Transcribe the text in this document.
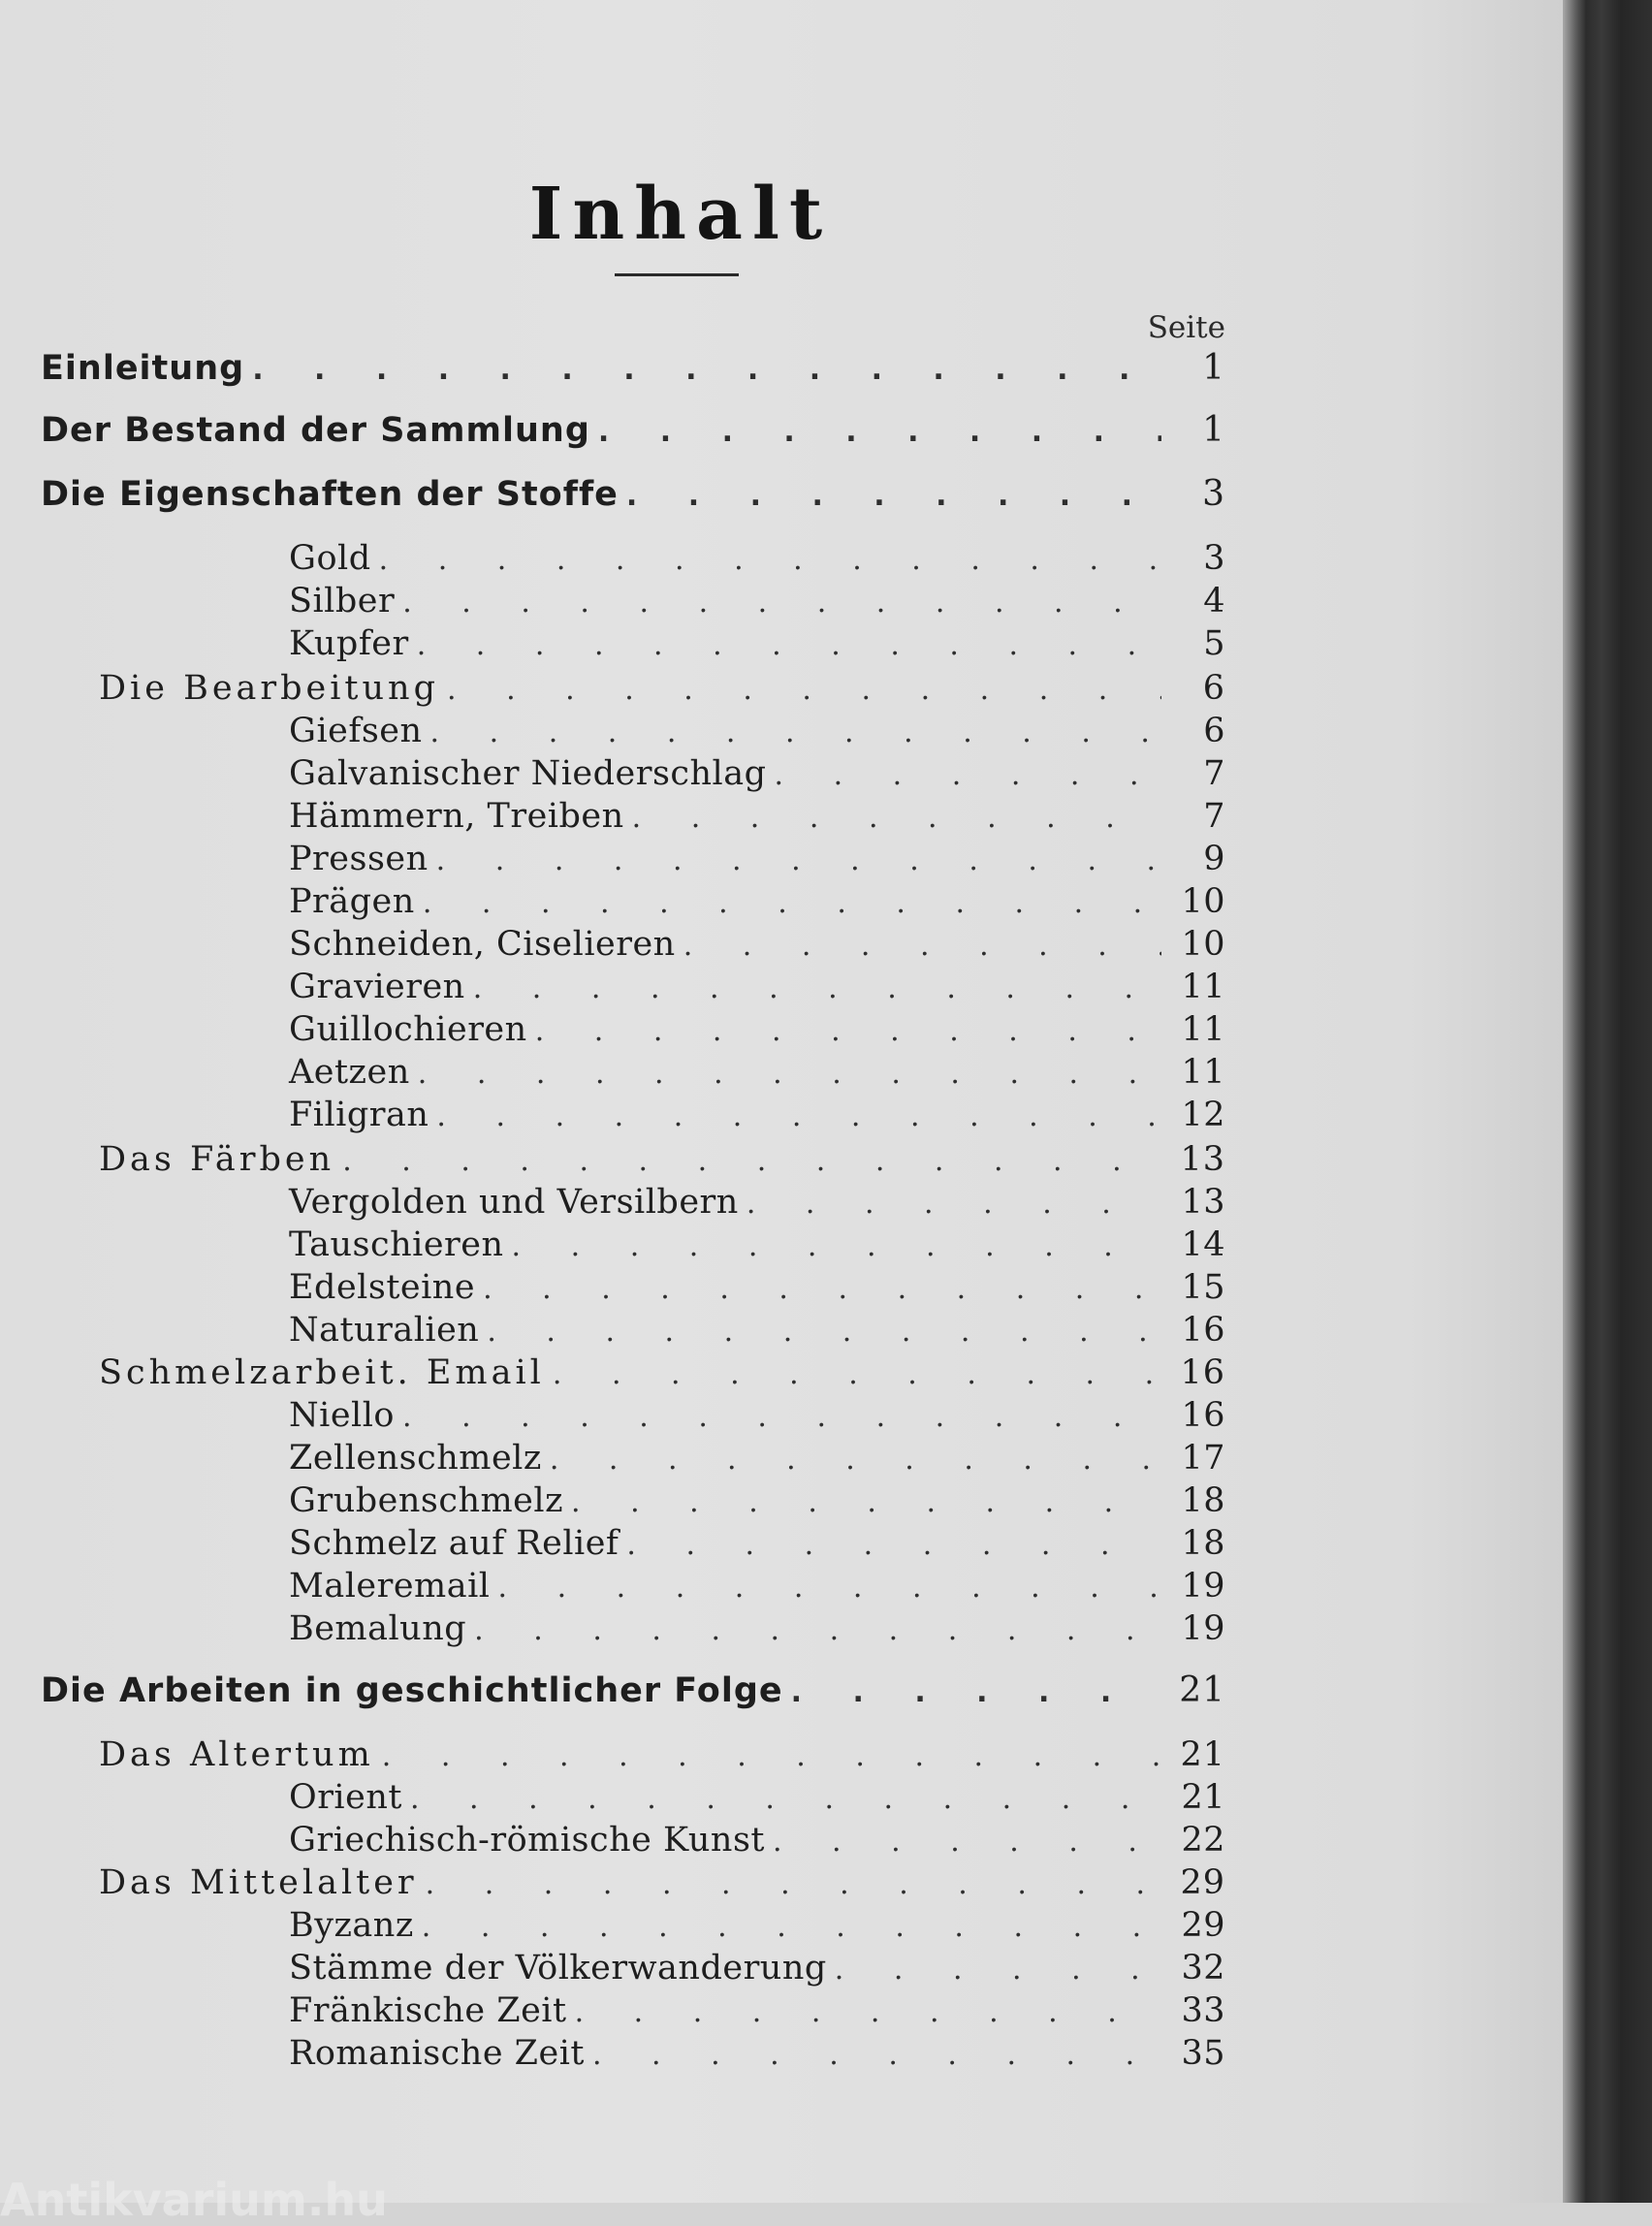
Inhalt
Seite
Einleitung . . .	1
Der Bestand der Sammlung . . .	1
Die Eigenschaften der Stoffe . . .	3
Gold . . .	3
Silber . . .	4
Kupfer . . .	5
Die Bearbeitung . . .	6
Giefsen . . .	6
Galvanischer Niederschlag . . .	7
Hämmern, Treiben . . .	7
Pressen . . .	9
Prägen . . .	10
Schneiden, Ciselieren . . .	10
Gravieren . . .	11
Guillochieren . . .	11
Aetzen . . .	11
Filigran . . .	12
Das Färben . . .	13
Vergolden und Versilbern . . .	13
Tauschieren . . .	14
Edelsteine . . .	15
Naturalien . . .	16
Schmelzarbeit. Email . . .	16
Niello . . .	16
Zellenschmelz . . .	17
Grubenschmelz . . .	18
Schmelz auf Relief . . .	18
Maleremail . . .	19
Bemalung . . .	19
Die Arbeiten in geschichtlicher Folge . . .	21
Das Altertum . . .	21
Orient . . .	21
Griechisch-römische Kunst . . .	22
Das Mittelalter . . .	29
Byzanz . . .	29
Stämme der Völkerwanderung . . .	32
Fränkische Zeit . . .	33
Romanische Zeit . . .	35
Antikvarium.hu
